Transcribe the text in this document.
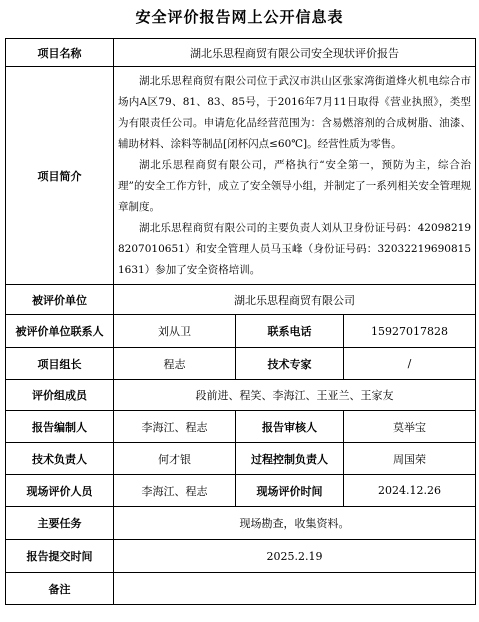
安全评价报告网上公开信息表
项目名称	湖北乐思程商贸有限公司安全现状评价报告		
项目简介	湖北乐思程商贸有限公司位于武汉市洪山区张家湾街道烽火机电综合市场内A区79、81、83、85号，于2016年7月11日取得《营业执照》，类型为有限责任公司。申请危化品经营范围为：含易燃溶剂的合成树脂、油漆、辅助材料、涂料等制品[闭杯闪点≤60℃]。经营性质为零售。

湖北乐思程商贸有限公司，严格执行“安全第一，预防为主，综合治理”的安全工作方针，成立了安全领导小组，并制定了一系列相关安全管理规章制度。

湖北乐思程商贸有限公司的主要负责人刘从卫身份证号码：420982198207010651）和安全管理人员马玉峰（身份证号码：320322196908151631）参加了安全资格培训。		

被评价单位	湖北乐思程商贸有限公司		
被评价单位联系人	刘从卫	联系电话	15927017828
项目组长	程志	技术专家	/
评价组成员	段前进、程笑、李海江、王亚兰、王家友		
报告编制人	李海江、程志	报告审核人	莫举宝
技术负责人	何才银	过程控制负责人	周国荣
现场评价人员	李海江、程志	现场评价时间	2024.12.26
主要任务	现场勘查，收集资料。		
报告提交时间	2025.2.19		
备注			
